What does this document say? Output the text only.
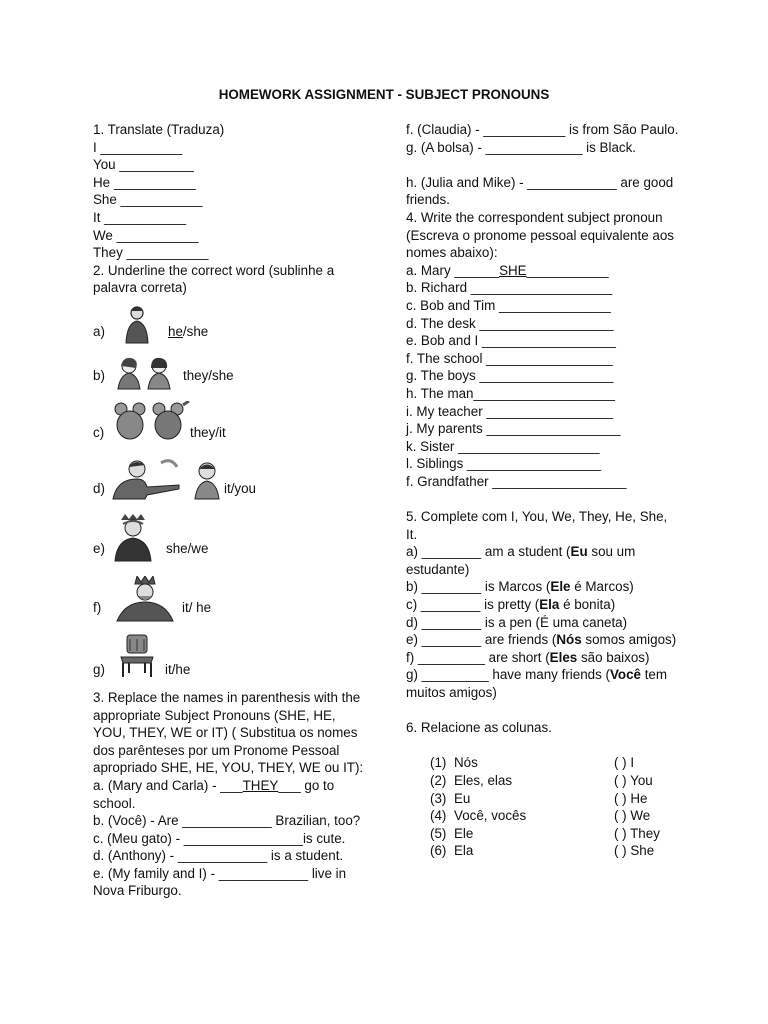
HOMEWORK ASSIGNMENT - SUBJECT PRONOUNS
1. Translate (Traduza)
I ___________
You __________
He ___________
She ___________
It ___________
We ___________
They ___________
2. Underline the correct word (sublinhe a palavra correta)
a)	he/she
b)	they/she
c)	they/it
d)	it/you
e)	she/we
f)	it/ he
g)	it/he
3. Replace the names in parenthesis with the appropriate Subject Pronouns (SHE, HE, YOU, THEY, WE or IT) ( Substitua os nomes dos parênteses por um Pronome Pessoal apropriado SHE, HE, YOU, THEY, WE ou IT):
a. (Mary and Carla) - ___THEY___ go to school.
b. (Você) - Are ____________ Brazilian, too?
c. (Meu gato) - ________________is cute.
d. (Anthony) - ____________ is a student.
e. (My family and I) - ____________ live in Nova Friburgo.
f. (Claudia) - ___________ is from São Paulo.
g. (A bolsa) - _____________ is Black.
h. (Julia and Mike) - ____________ are good friends.
4. Write the correspondent subject pronoun (Escreva o pronome pessoal equivalente aos nomes abaixo):
a. Mary ______SHE___________
b. Richard ___________________
c. Bob and Tim _______________
d. The desk __________________
e. Bob and I __________________
f. The school _________________
g. The boys __________________
h. The man___________________
i. My teacher _________________
j. My parents __________________
k. Sister ___________________
l. Siblings __________________
f. Grandfather __________________
5. Complete com I, You, We, They, He, She, It.
a) ________ am a student (Eu sou um estudante)
b) ________ is Marcos (Ele é Marcos)
c) ________ is pretty (Ela é bonita)
d) ________ is a pen (É uma caneta)
e) ________ are friends (Nós somos amigos)
f) _________ are short (Eles são baixos)
g) _________ have many friends (Você tem muitos amigos)
6. Relacione as colunas.
(1) Nós	( ) I
(2) Eles, elas	( ) You
(3) Eu	( ) He
(4) Você, vocês	( ) We
(5) Ele	( ) They
(6) Ela	( ) She
